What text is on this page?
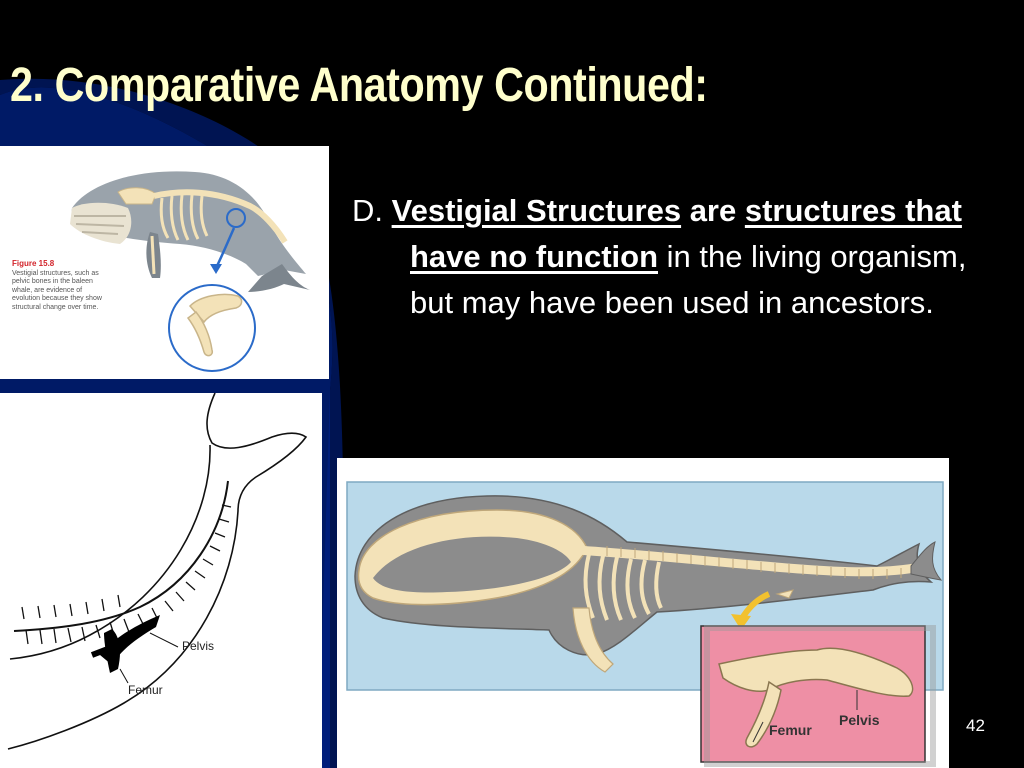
2. Comparative Anatomy Continued:

D. Vestigial Structures are structures that have no function in the living organism, but may have been used in ancestors.

Figure 15.8
Vestigial structures, such as pelvic bones in the baleen whale, are evidence of evolution because they show structural change over time.
Pelvis
Femur
Pelvis
Femur	42
